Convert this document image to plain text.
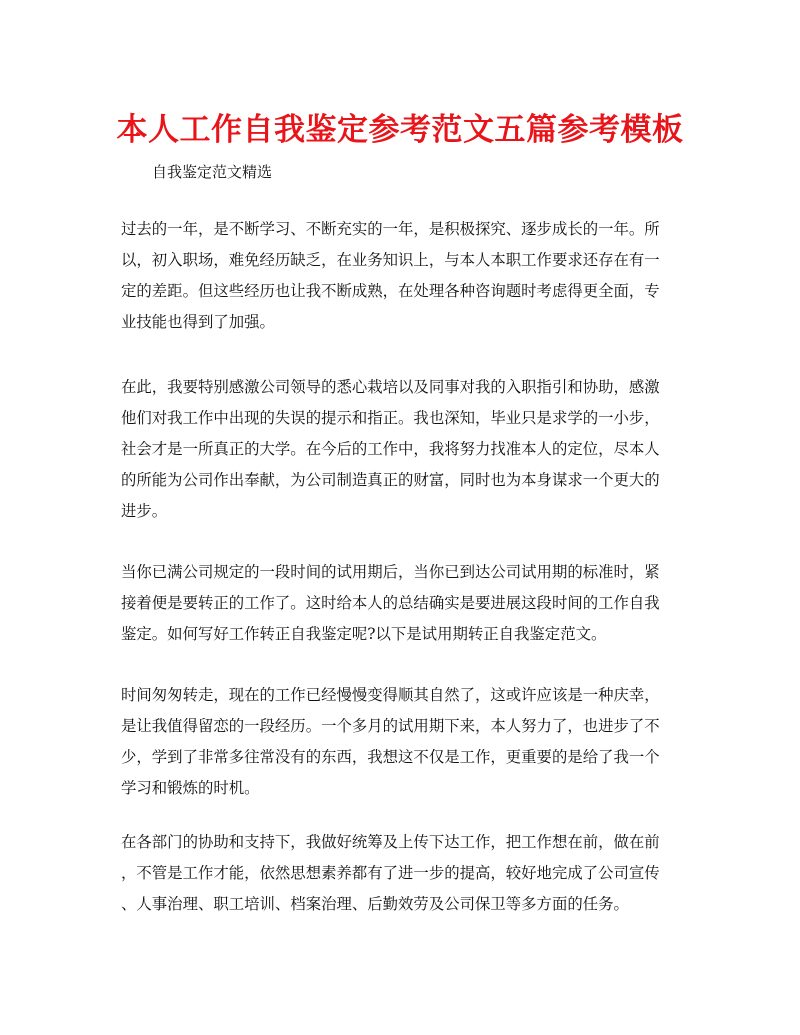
本人工作自我鉴定参考范文五篇参考模板

自我鉴定范文精选

过去的一年，是不断学习、不断充实的一年，是积极探究、逐步成长的一年。所
以，初入职场，难免经历缺乏，在业务知识上，与本人本职工作要求还存在有一
定的差距。但这些经历也让我不断成熟，在处理各种咨询题时考虑得更全面，专
业技能也得到了加强。
在此，我要特别感激公司领导的悉心栽培以及同事对我的入职指引和协助，感激
他们对我工作中出现的失误的提示和指正。我也深知，毕业只是求学的一小步，
社会才是一所真正的大学。在今后的工作中，我将努力找准本人的定位，尽本人
的所能为公司作出奉献，为公司制造真正的财富，同时也为本身谋求一个更大的
进步。
当你已满公司规定的一段时间的试用期后，当你已到达公司试用期的标准时，紧
接着便是要转正的工作了。这时给本人的总结确实是要进展这段时间的工作自我
鉴定。如何写好工作转正自我鉴定呢?以下是试用期转正自我鉴定范文。
时间匆匆转走，现在的工作已经慢慢变得顺其自然了，这或许应该是一种庆幸，
是让我值得留恋的一段经历。一个多月的试用期下来，本人努力了，也进步了不
少，学到了非常多往常没有的东西，我想这不仅是工作，更重要的是给了我一个
学习和锻炼的时机。
在各部门的协助和支持下，我做好统筹及上传下达工作，把工作想在前，做在前
，不管是工作才能，依然思想素养都有了进一步的提高，较好地完成了公司宣传
、人事治理、职工培训、档案治理、后勤效劳及公司保卫等多方面的任务。
